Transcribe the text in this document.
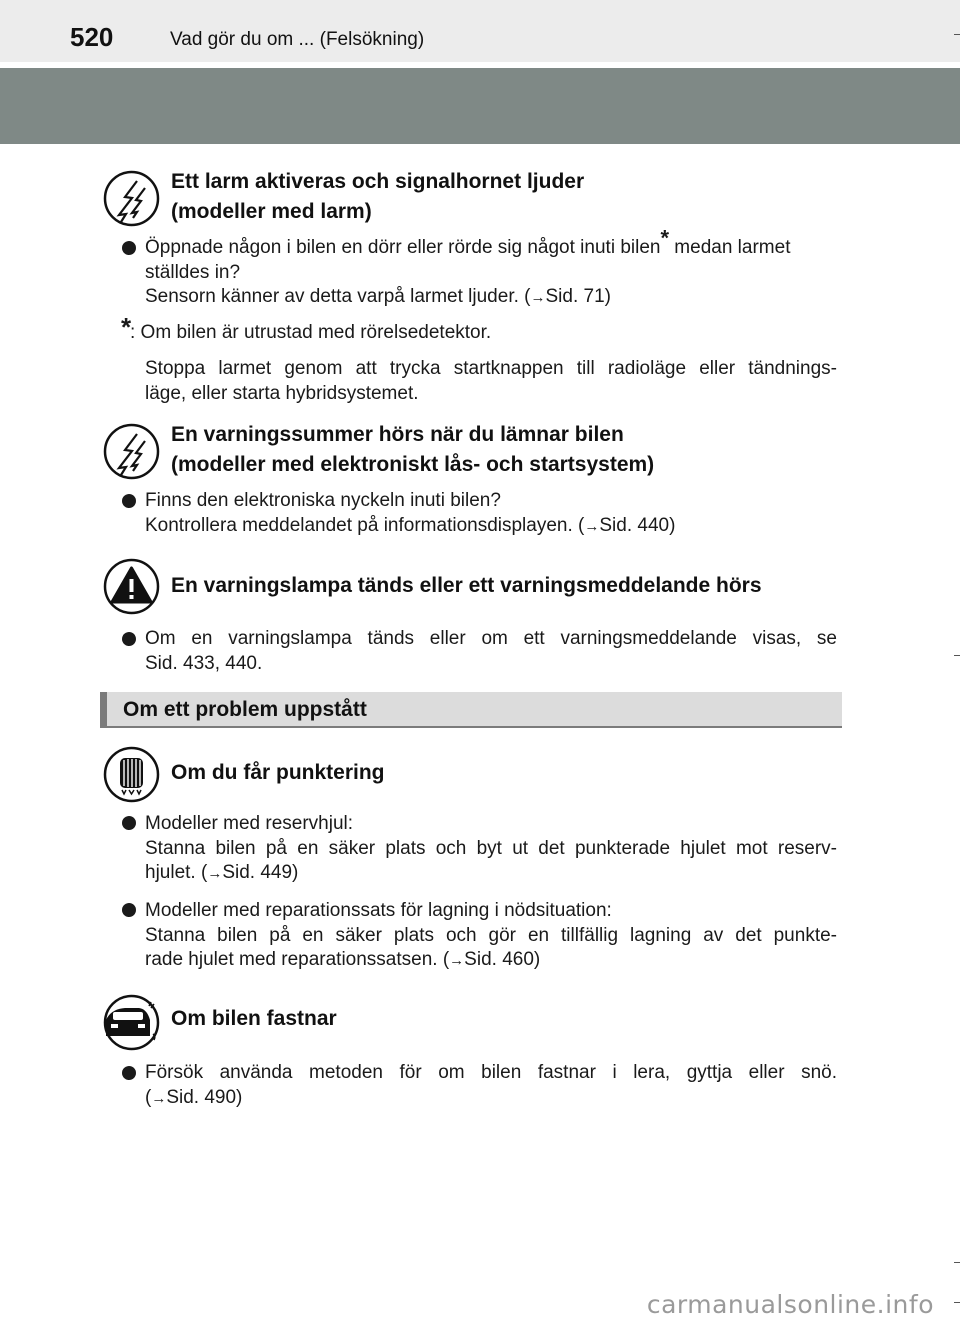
520	Vad gör du om ... (Felsökning)
Ett larm aktiveras och signalhornet ljuder
(modeller med larm)
Öppnade någon i bilen en dörr eller rörde sig något inuti bilen* medan larmet
ställdes in?
Sensorn känner av detta varpå larmet ljuder. (→Sid. 71)
*
: Om bilen är utrustad med rörelsedetektor.
Stoppa larmet genom att trycka startknappen till radioläge eller tändnings-
läge, eller starta hybridsystemet.
En varningssummer hörs när du lämnar bilen
(modeller med elektroniskt lås- och startsystem)
Finns den elektroniska nyckeln inuti bilen?
Kontrollera meddelandet på informationsdisplayen. (→Sid. 440)
En varningslampa tänds eller ett varningsmeddelande hörs
Om en varningslampa tänds eller om ett varningsmeddelande visas, se
Sid. 433, 440.
Om ett problem uppstått
Om du får punktering
Modeller med reservhjul:
Stanna bilen på en säker plats och byt ut det punkterade hjulet mot reserv-
hjulet. (→Sid. 449)
Modeller med reparationssats för lagning i nödsituation:
Stanna bilen på en säker plats och gör en tillfällig lagning av det punkte-
rade hjulet med reparationssatsen. (→Sid. 460)
Om bilen fastnar
Försök använda metoden för om bilen fastnar i lera, gyttja eller snö.
(→Sid. 490)
carmanualsonline.info
